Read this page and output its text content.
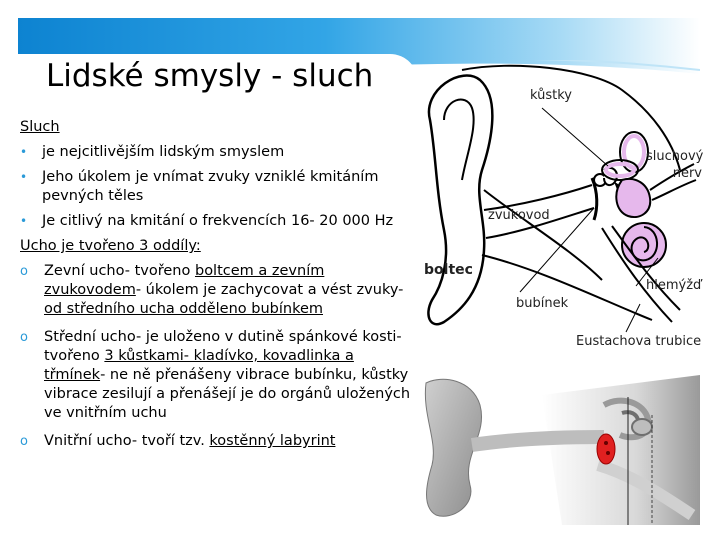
Lidské smysly - sluch
Sluch
• je nejcitlivějším lidským smyslem
• Jeho úkolem je vnímat zvuky vzniklé kmitáním pevných těles
• Je citlivý na kmitání o frekvencích 16- 20 000 Hz
Ucho je tvořeno 3 oddíly:
o Zevní ucho- tvořeno boltcem a zevním zvukovodem- úkolem je zachycovat a vést zvuky- od středního ucha odděleno bubínkem
o Střední ucho- je uloženo v dutině spánkové kosti- tvořeno 3 kůstkami- kladívko, kovadlinka a třmínek- ne ně přenášeny vibrace bubínku, kůstky vibrace zesilují a přenášejí je do orgánů uložených ve vnitřním uchu
o Vnitřní ucho- tvoří tzv. kostěnný labyrint
kůstky
sluchový nerv
zvukovod
boltec
bubínek
hlemýžď
Eustachova trubice
